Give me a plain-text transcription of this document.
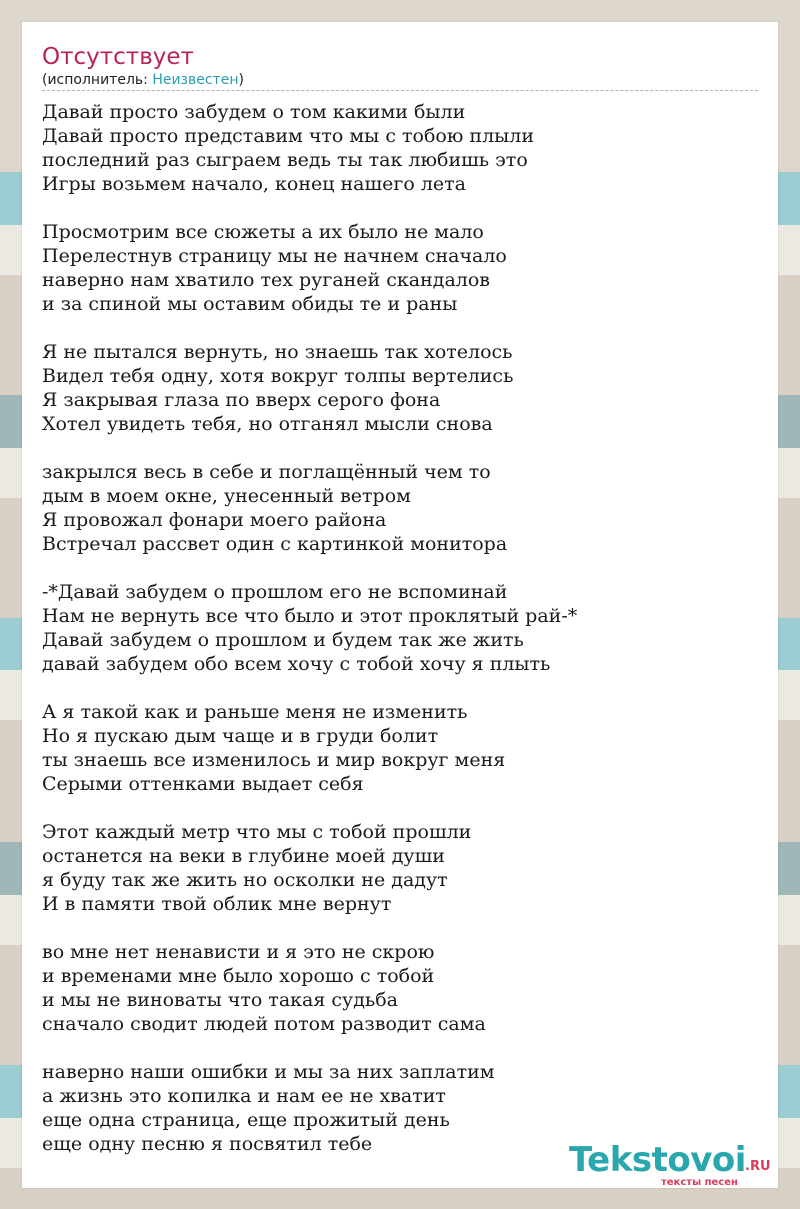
Отсутствует
(исполнитель: Неизвестен)
Давай просто забудем о том какими были
Давай просто представим что мы с тобою плыли
последний раз сыграем ведь ты так любишь это
Игры возьмем начало, конец нашего лета
Просмотрим все сюжеты а их было не мало
Перелестнув страницу мы не начнем сначало
наверно нам хватило тех руганей скандалов
и за спиной мы оставим обиды те и раны
Я не пытался вернуть, но знаешь так хотелось
Видел тебя одну, хотя вокруг толпы вертелись
Я закрывая глаза по вверх серого фона
Хотел увидеть тебя, но отганял мысли снова
закрылся весь в себе и поглащённый чем то
дым в моем окне, унесенный ветром
Я провожал фонари моего района
Встречал рассвет один с картинкой монитора
-*Давай забудем о прошлом его не вспоминай
Нам не вернуть все что было и этот проклятый рай-*
Давай забудем о прошлом и будем так же жить
давай забудем обо всем хочу с тобой хочу я плыть
А я такой как и раньше меня не изменить
Но я пускаю дым чаще и в груди болит
ты знаешь все изменилось и мир вокруг меня
Серыми оттенками выдает себя
Этот каждый метр что мы с тобой прошли
останется на веки в глубине моей души
я буду так же жить но осколки не дадут
И в памяти твой облик мне вернут
во мне нет ненависти и я это не скрою
и временами мне было хорошо с тобой
и мы не виноваты что такая судьба
сначало сводит людей потом разводит сама
наверно наши ошибки и мы за них заплатим
а жизнь это копилка и нам ее не хватит
еще одна страница, еще прожитый день
еще одну песню я посвятил тебе	Tekstovoi .RU
тексты песен
